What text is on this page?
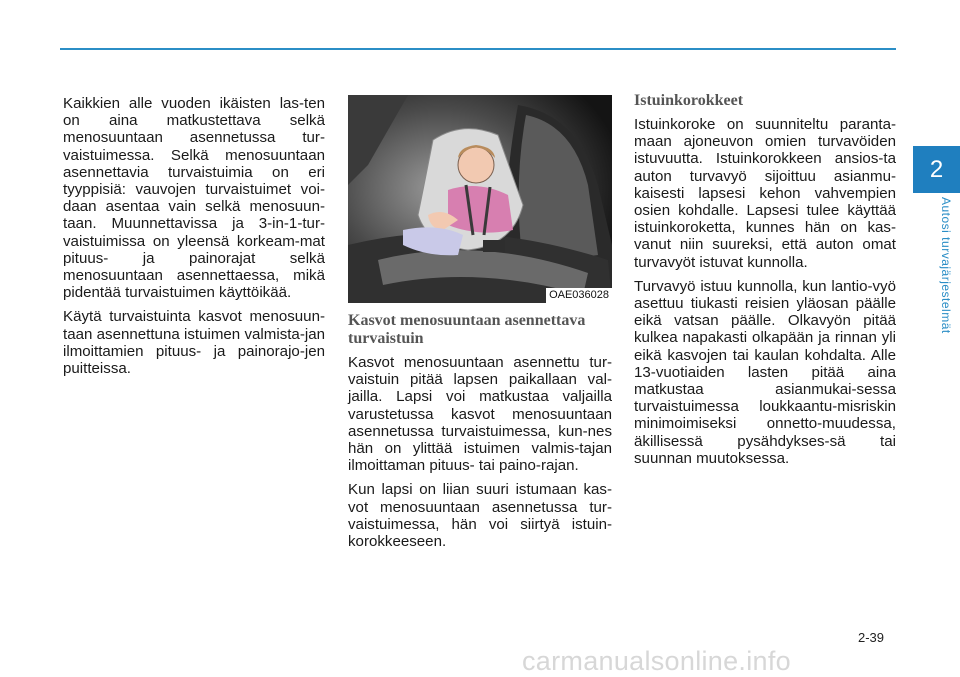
Kaikkien alle vuoden ikäisten las-ten on aina matkustettava selkä menosuuntaan asennetussa tur-vaistuimessa. Selkä menosuuntaan asennettavia turvaistuimia on eri tyyppisiä: vauvojen turvaistuimet voi-daan asentaa vain selkä menosuun-taan. Muunnettavissa ja 3-in-1-tur-vaistuimissa on yleensä korkeam-mat pituus- ja painorajat selkä menosuuntaan asennettaessa, mikä pidentää turvaistuimen käyttöikää.

Käytä turvaistuinta kasvot menosuun-taan asennettuna istuimen valmista-jan ilmoittamien pituus- ja painorajo-jen puitteissa.

OAE036028
Kasvot menosuuntaan asennettava turvaistuin

Kasvot menosuuntaan asennettu tur-vaistuin pitää lapsen paikallaan val-jailla. Lapsi voi matkustaa valjailla varustetussa kasvot menosuuntaan asennetussa turvaistuimessa, kun-nes hän on ylittää istuimen valmis-tajan ilmoittaman pituus- tai paino-rajan.

Kun lapsi on liian suuri istumaan kas-vot menosuuntaan asennetussa tur-vaistuimessa, hän voi siirtyä istuin-korokkeeseen.

Istuinkorokkeet

Istuinkoroke on suunniteltu paranta-maan ajoneuvon omien turvavöiden istuvuutta. Istuinkorokkeen ansios-ta auton turvavyö sijoittuu asianmu-kaisesti lapsesi kehon vahvempien osien kohdalle. Lapsesi tulee käyttää istuinkoroketta, kunnes hän on kas-vanut niin suureksi, että auton omat turvavyöt istuvat kunnolla.

Turvavyö istuu kunnolla, kun lantio-vyö asettuu tiukasti reisien yläosan päälle eikä vatsan päälle. Olkavyön pitää kulkea napakasti olkapään ja rinnan yli eikä kasvojen tai kaulan kohdalta. Alle 13-vuotiaiden lasten pitää aina matkustaa asianmukai-sessa turvaistuimessa loukkaantu-misriskin minimoimiseksi onnetto-muudessa, äkillisessä pysähdykses-sä tai suunnan muutoksessa.

2
Autosi turvajärjestelmät
2-39
carmanualsonline.info
